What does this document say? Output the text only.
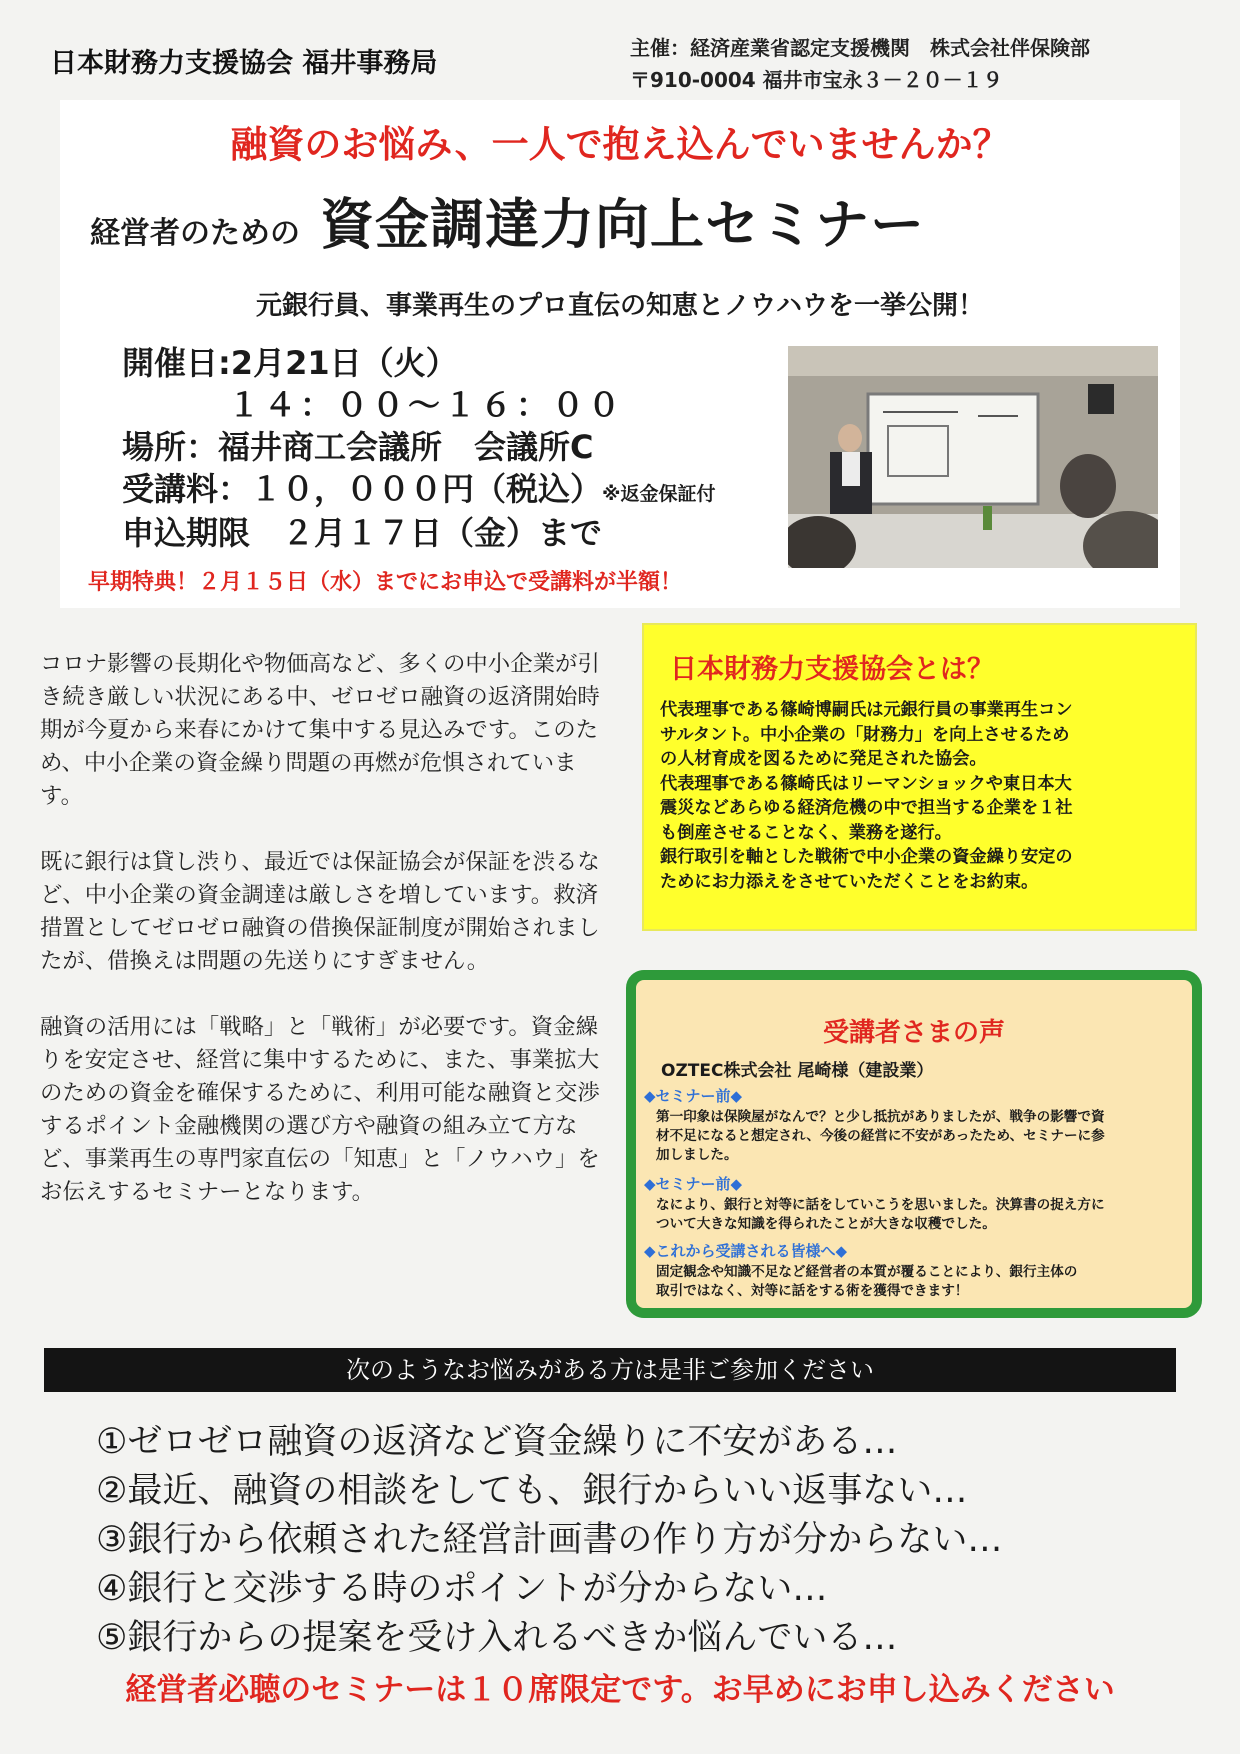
日本財務力支援協会 福井事務局	主催：経済産業省認定支援機関　株式会社伴保険部
〒910-0004 福井市宝永３－２０－１９
融資のお悩み、一人で抱え込んでいませんか？
経営者のための 資金調達力向上セミナー
元銀行員、事業再生のプロ直伝の知恵とノウハウを一挙公開！
開催日:2月21日（火）
１４：００～１６：００
場所：福井商工会議所　会議所C
受講料：１０，０００円（税込）※返金保証付
申込期限　２月１７日（金）まで
早期特典！２月１５日（水）までにお申込で受講料が半額！

コロナ影響の長期化や物価高など、多くの中小企業が引き続き厳しい状況にある中、ゼロゼロ融資の返済開始時期が今夏から来春にかけて集中する見込みです。このため、中小企業の資金繰り問題の再燃が危惧されています。

既に銀行は貸し渋り、最近では保証協会が保証を渋るなど、中小企業の資金調達は厳しさを増しています。救済措置としてゼロゼロ融資の借換保証制度が開始されましたが、借換えは問題の先送りにすぎません。

融資の活用には「戦略」と「戦術」が必要です。資金繰りを安定させ、経営に集中するために、また、事業拡大のための資金を確保するために、利用可能な融資と交渉するポイント金融機関の選び方や融資の組み立て方など、事業再生の専門家直伝の「知恵」と「ノウハウ」をお伝えするセミナーとなります。

日本財務力支援協会とは？
代表理事である篠崎博嗣氏は元銀行員の事業再生コン
サルタント。中小企業の「財務力」を向上させるため
の人材育成を図るために発足された協会。
代表理事である篠崎氏はリーマンショックや東日本大
震災などあらゆる経済危機の中で担当する企業を１社
も倒産させることなく、業務を遂行。
銀行取引を軸とした戦術で中小企業の資金繰り安定の
ためにお力添えをさせていただくことをお約束。
受講者さまの声
OZTEC株式会社 尾崎様（建設業）
◆セミナー前◆
第一印象は保険屋がなんで？と少し抵抗がありましたが、戦争の影響で資
材不足になると想定され、今後の経営に不安があったため、セミナーに参
加しました。
◆セミナー前◆
なにより、銀行と対等に話をしていこうを思いました。決算書の捉え方に
ついて大きな知識を得られたことが大きな収穫でした。
◆これから受講される皆様へ◆
固定観念や知識不足など経営者の本質が覆ることにより、銀行主体の
取引ではなく、対等に話をする術を獲得できます！
次のようなお悩みがある方は是非ご参加ください
①ゼロゼロ融資の返済など資金繰りに不安がある…
②最近、融資の相談をしても、銀行からいい返事ない…
③銀行から依頼された経営計画書の作り方が分からない…
④銀行と交渉する時のポイントが分からない…
⑤銀行からの提案を受け入れるべきか悩んでいる…
経営者必聴のセミナーは１０席限定です。お早めにお申し込みください
